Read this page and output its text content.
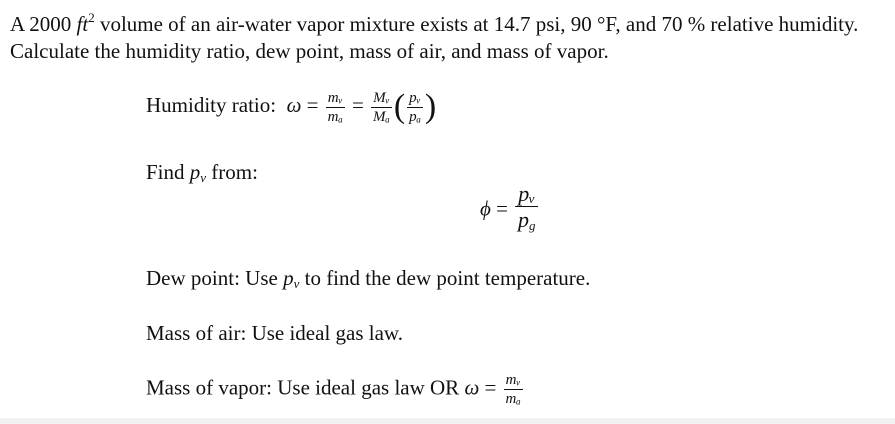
A 2000 $ft^2$ volume of an air-water vapor mixture exists at 14.7 psi, 90 °F, and 70 % relative humidity. Calculate the humidity ratio, dew point, mass of air, and mass of vapor.
Humidity ratio: $\omega = \frac{\text{mᵥ}}{\text{mₐ}} = \frac{\text{Mᵥ}}{\text{Mₐ}}$ ( $\frac{\text{pᵥ}}{\text{pₐ}}$ )
Find $p_v$ from:
$\phi = \frac{\text{pᵥ}}{p_g}$
Dew point: Use $p_v$ to find the dew point temperature.
Mass of air: Use ideal gas law.
Mass of vapor: Use ideal gas law OR $\omega = \frac{\text{mᵥ}}{\text{mₐ}}$
